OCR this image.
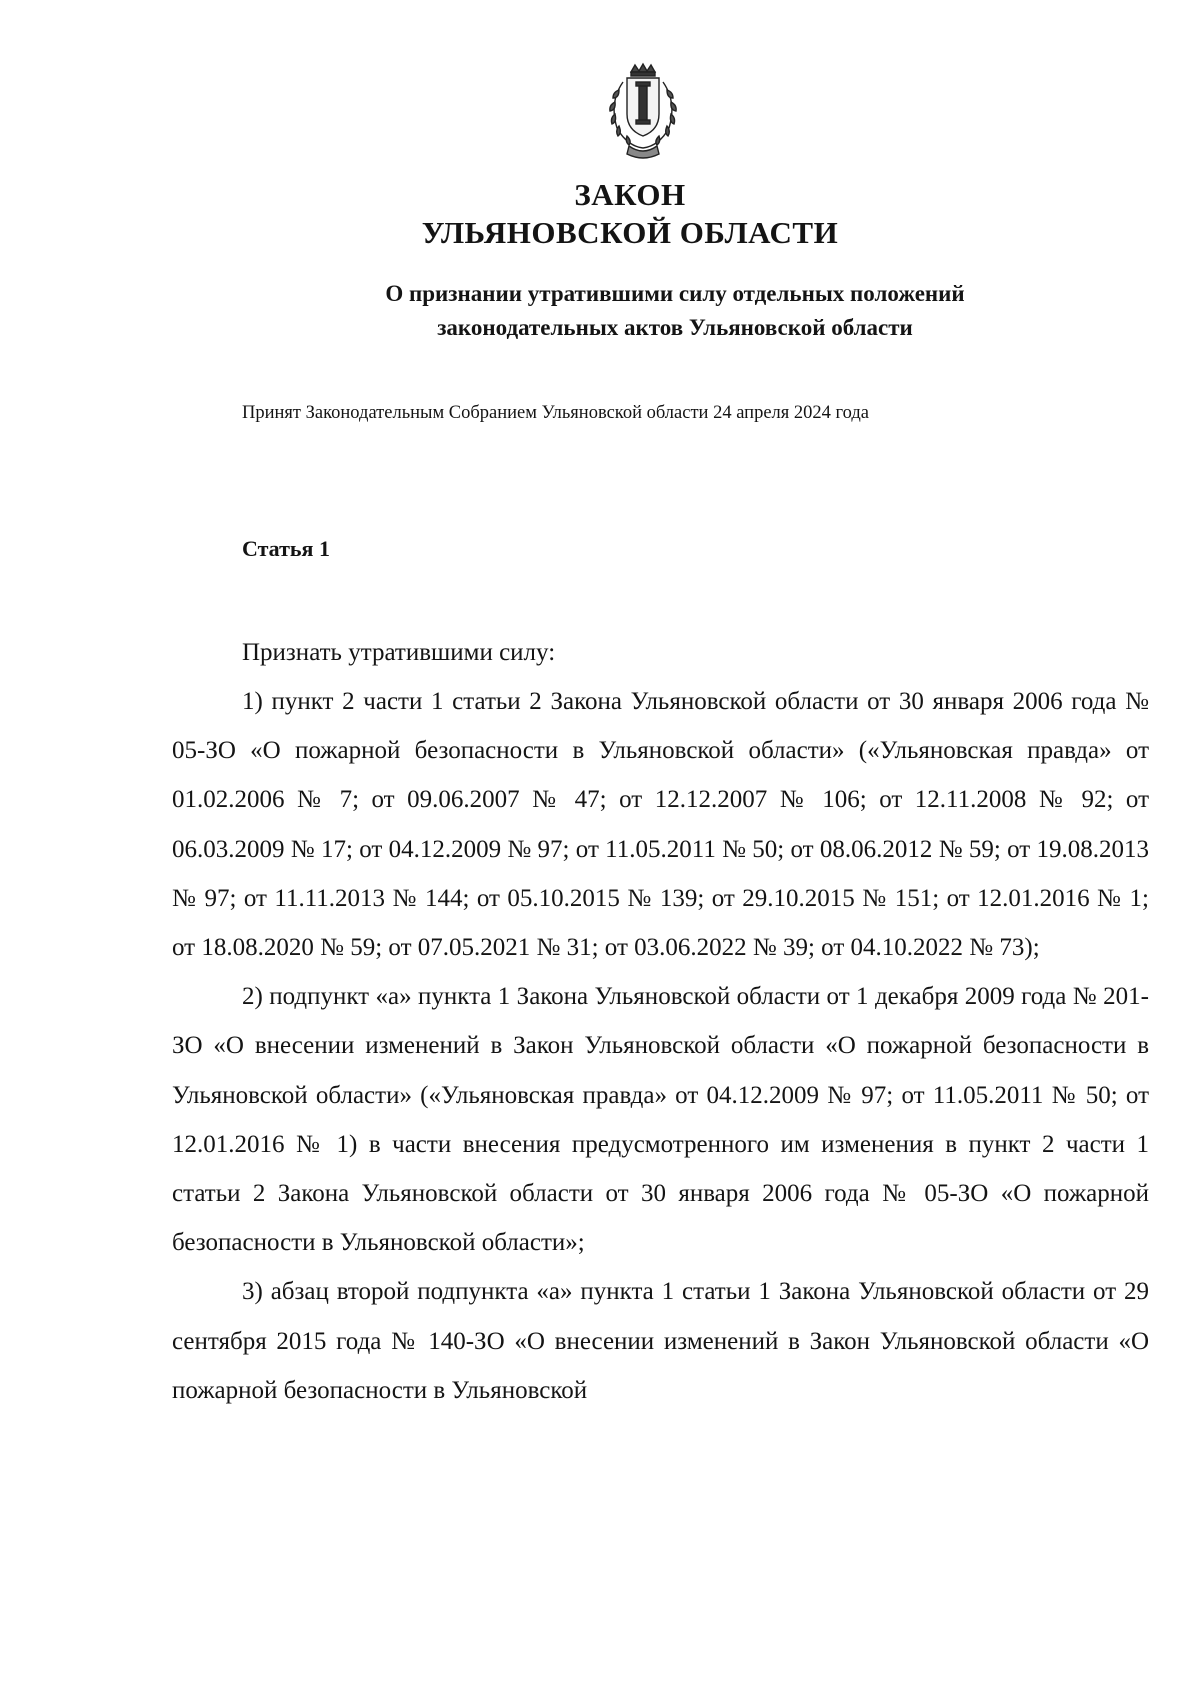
ЗАКОН
УЛЬЯНОВСКОЙ ОБЛАСТИ
О признании утратившими силу отдельных положений
законодательных актов Ульяновской области
Принят Законодательным Собранием Ульяновской области 24 апреля 2024 года
Статья 1

Признать утратившими силу:

1) пункт 2 части 1 статьи 2 Закона Ульяновской области от 30 января 2006 года № 05-ЗО «О пожарной безопасности в Ульяновской области» («Ульяновская правда» от 01.02.2006 № 7; от 09.06.2007 № 47; от 12.12.2007 № 106; от 12.11.2008 № 92; от 06.03.2009 № 17; от 04.12.2009 № 97; от 11.05.2011 № 50; от 08.06.2012 № 59; от 19.08.2013 № 97; от 11.11.2013 № 144; от 05.10.2015 № 139; от 29.10.2015 № 151; от 12.01.2016 № 1; от 18.08.2020 № 59; от 07.05.2021 № 31; от 03.06.2022 № 39; от 04.10.2022 № 73);

2) подпункт «а» пункта 1 Закона Ульяновской области от 1 декабря 2009 года № 201-ЗО «О внесении изменений в Закон Ульяновской области «О пожарной безопасности в Ульяновской области» («Ульяновская правда» от 04.12.2009 № 97; от 11.05.2011 № 50; от 12.01.2016 № 1) в части внесения предусмотренного им изменения в пункт 2 части 1 статьи 2 Закона Ульяновской области от 30 января 2006 года № 05-ЗО «О пожарной безопасности в Ульяновской области»;

3) абзац второй подпункта «а» пункта 1 статьи 1 Закона Ульяновской области от 29 сентября 2015 года № 140-ЗО «О внесении изменений в Закон Ульяновской области «О пожарной безопасности в Ульяновской
